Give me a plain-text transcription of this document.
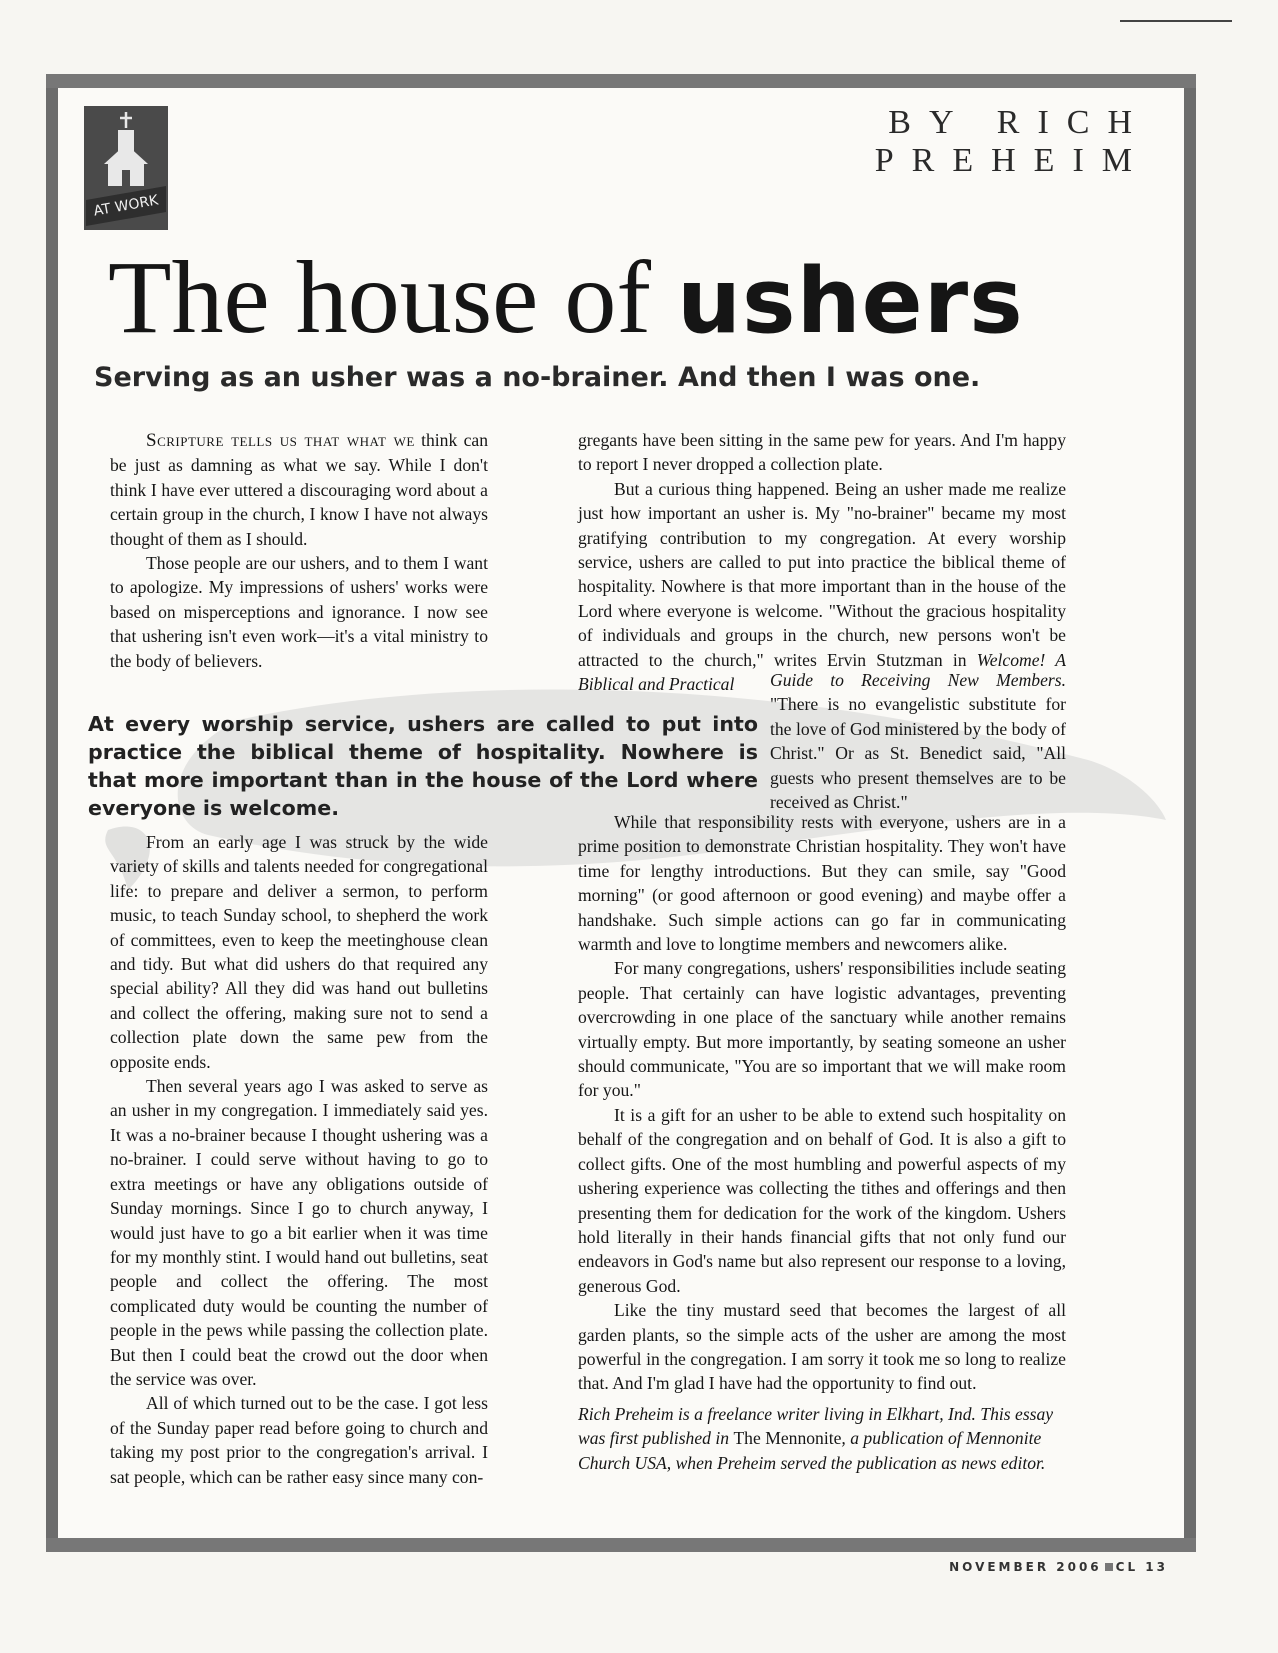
AT WORK
BY RICH PREHEIM
The house of ushers
Serving as an usher was a no-brainer. And then I was one.

Scripture tells us that what we think can be just as damning as what we say. While I don't think I have ever uttered a discouraging word about a certain group in the church, I know I have not always thought of them as I should.

Those people are our ushers, and to them I want to apologize. My impressions of ushers' works were based on misperceptions and ignorance. I now see that ushering isn't even work—it's a vital ministry to the body of believers.

gregants have been sitting in the same pew for years. And I'm happy to report I never dropped a collection plate.

But a curious thing happened. Being an usher made me realize just how important an usher is. My "no-brainer" became my most gratifying contribution to my congregation. At every worship service, ushers are called to put into practice the biblical theme of hospitality. Nowhere is that more important than in the house of the Lord where everyone is welcome. "Without the gracious hospitality of individuals and groups in the church, new persons won't be attracted to the church," writes Ervin Stutzman in Welcome! A Biblical and Practical	Guide to Receiving New Members. "There is no evangelistic substitute for the love of God ministered by the body of Christ." Or as St. Benedict said, "All guests who present themselves are to be received as Christ."

At every worship service, ushers are called to put into practice the biblical theme of hospitality. Nowhere is that more important than in the house of the Lord where everyone is welcome.

From an early age I was struck by the wide variety of skills and talents needed for congregational life: to prepare and deliver a sermon, to perform music, to teach Sunday school, to shepherd the work of committees, even to keep the meetinghouse clean and tidy. But what did ushers do that required any special ability? All they did was hand out bulletins and collect the offering, making sure not to send a collection plate down the same pew from the opposite ends.

Then several years ago I was asked to serve as an usher in my congregation. I immediately said yes. It was a no-brainer because I thought ushering was a no-brainer. I could serve without having to go to extra meetings or have any obligations outside of Sunday mornings. Since I go to church anyway, I would just have to go a bit earlier when it was time for my monthly stint. I would hand out bulletins, seat people and collect the offering. The most complicated duty would be counting the number of people in the pews while passing the collection plate. But then I could beat the crowd out the door when the service was over.

All of which turned out to be the case. I got less of the Sunday paper read before going to church and taking my post prior to the congregation's arrival. I sat people, which can be rather easy since many con-

While that responsibility rests with everyone, ushers are in a prime position to demonstrate Christian hospitality. They won't have time for lengthy introductions. But they can smile, say "Good morning" (or good afternoon or good evening) and maybe offer a handshake. Such simple actions can go far in communicating warmth and love to longtime members and newcomers alike.

For many congregations, ushers' responsibilities include seating people. That certainly can have logistic advantages, preventing overcrowding in one place of the sanctuary while another remains virtually empty. But more importantly, by seating someone an usher should communicate, "You are so important that we will make room for you."

It is a gift for an usher to be able to extend such hospitality on behalf of the congregation and on behalf of God. It is also a gift to collect gifts. One of the most humbling and powerful aspects of my ushering experience was collecting the tithes and offerings and then presenting them for dedication for the work of the kingdom. Ushers hold literally in their hands financial gifts that not only fund our endeavors in God's name but also represent our response to a loving, generous God.

Like the tiny mustard seed that becomes the largest of all garden plants, so the simple acts of the usher are among the most powerful in the congregation. I am sorry it took me so long to realize that. And I'm glad I have had the opportunity to find out.

Rich Preheim is a freelance writer living in Elkhart, Ind. This essay was first published in The Mennonite, a publication of Mennonite Church USA, when Preheim served the publication as news editor.

NOVEMBER 2006 CL 13
